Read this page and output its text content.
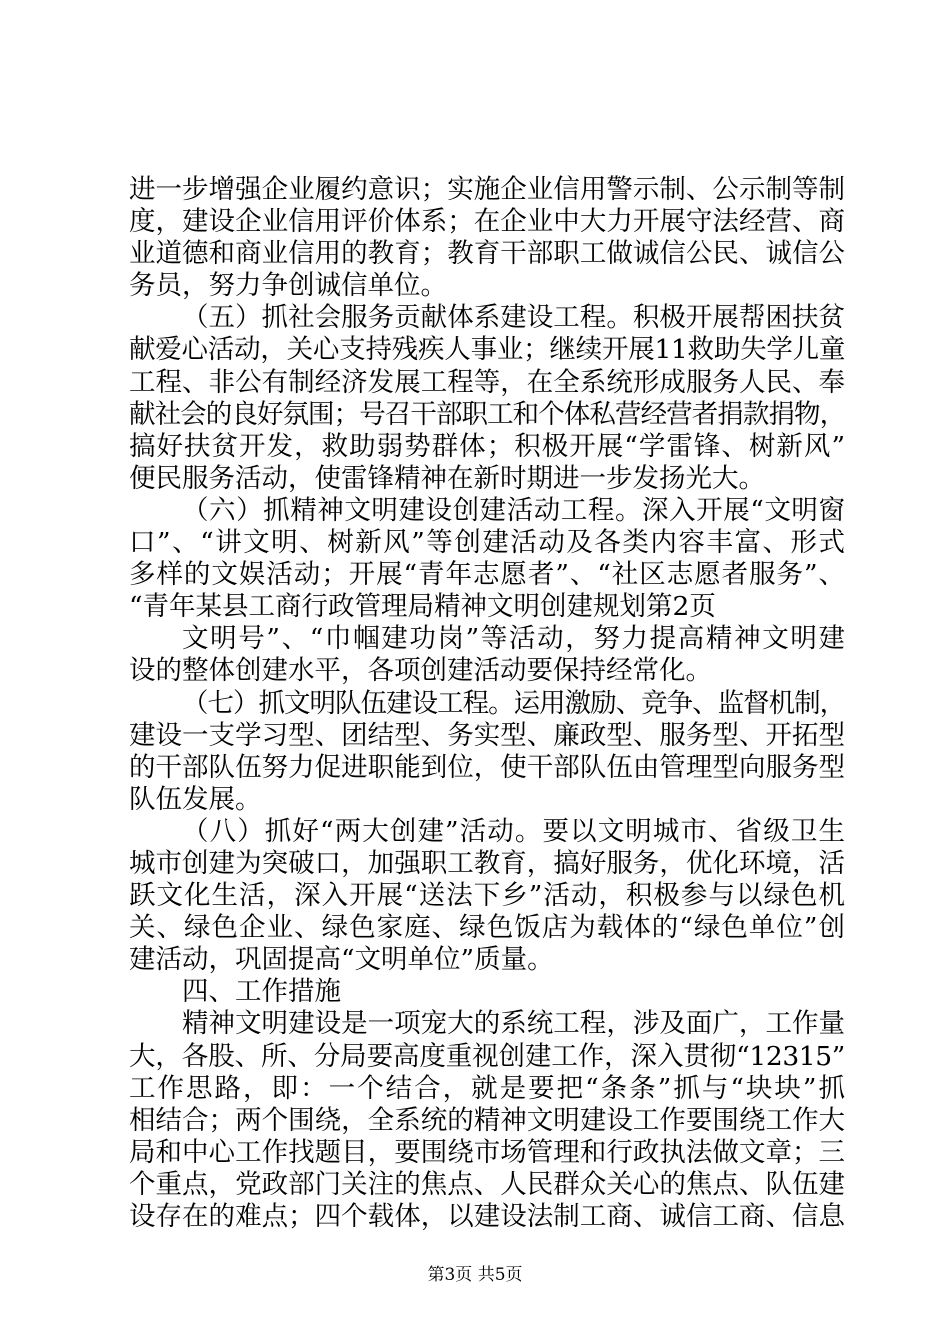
进一步增强企业履约意识；实施企业信用警示制、公示制等制
度，建设企业信用评价体系；在企业中大力开展守法经营、商
业道德和商业信用的教育；教育干部职工做诚信公民、诚信公
务员，努力争创诚信单位。
（五）抓社会服务贡献体系建设工程。积极开展帮困扶贫
献爱心活动，关心支持残疾人事业；继续开展11救助失学儿童
工程、非公有制经济发展工程等，在全系统形成服务人民、奉
献社会的良好氛围；号召干部职工和个体私营经营者捐款捐物，
搞好扶贫开发，救助弱势群体；积极开展“学雷锋、树新风”
便民服务活动，使雷锋精神在新时期进一步发扬光大。
（六）抓精神文明建设创建活动工程。深入开展“文明窗
口”、“讲文明、树新风”等创建活动及各类内容丰富、形式
多样的文娱活动；开展“青年志愿者”、“社区志愿者服务”、
“青年某县工商行政管理局精神文明创建规划第2页
文明号”、“巾帼建功岗”等活动，努力提高精神文明建
设的整体创建水平，各项创建活动要保持经常化。
（七）抓文明队伍建设工程。运用激励、竞争、监督机制，
建设一支学习型、团结型、务实型、廉政型、服务型、开拓型
的干部队伍努力促进职能到位，使干部队伍由管理型向服务型
队伍发展。
（八）抓好“两大创建”活动。要以文明城市、省级卫生
城市创建为突破口，加强职工教育，搞好服务，优化环境，活
跃文化生活，深入开展“送法下乡”活动，积极参与以绿色机
关、绿色企业、绿色家庭、绿色饭店为载体的“绿色单位”创
建活动，巩固提高“文明单位”质量。
四、工作措施
精神文明建设是一项宠大的系统工程，涉及面广，工作量
大，各股、所、分局要高度重视创建工作，深入贯彻“12315”
工作思路，即：一个结合，就是要把“条条”抓与“块块”抓
相结合；两个围绕，全系统的精神文明建设工作要围绕工作大
局和中心工作找题目，要围绕市场管理和行政执法做文章；三
个重点，党政部门关注的焦点、人民群众关心的焦点、队伍建
设存在的难点；四个载体，以建设法制工商、诚信工商、信息
第3页 共5页
